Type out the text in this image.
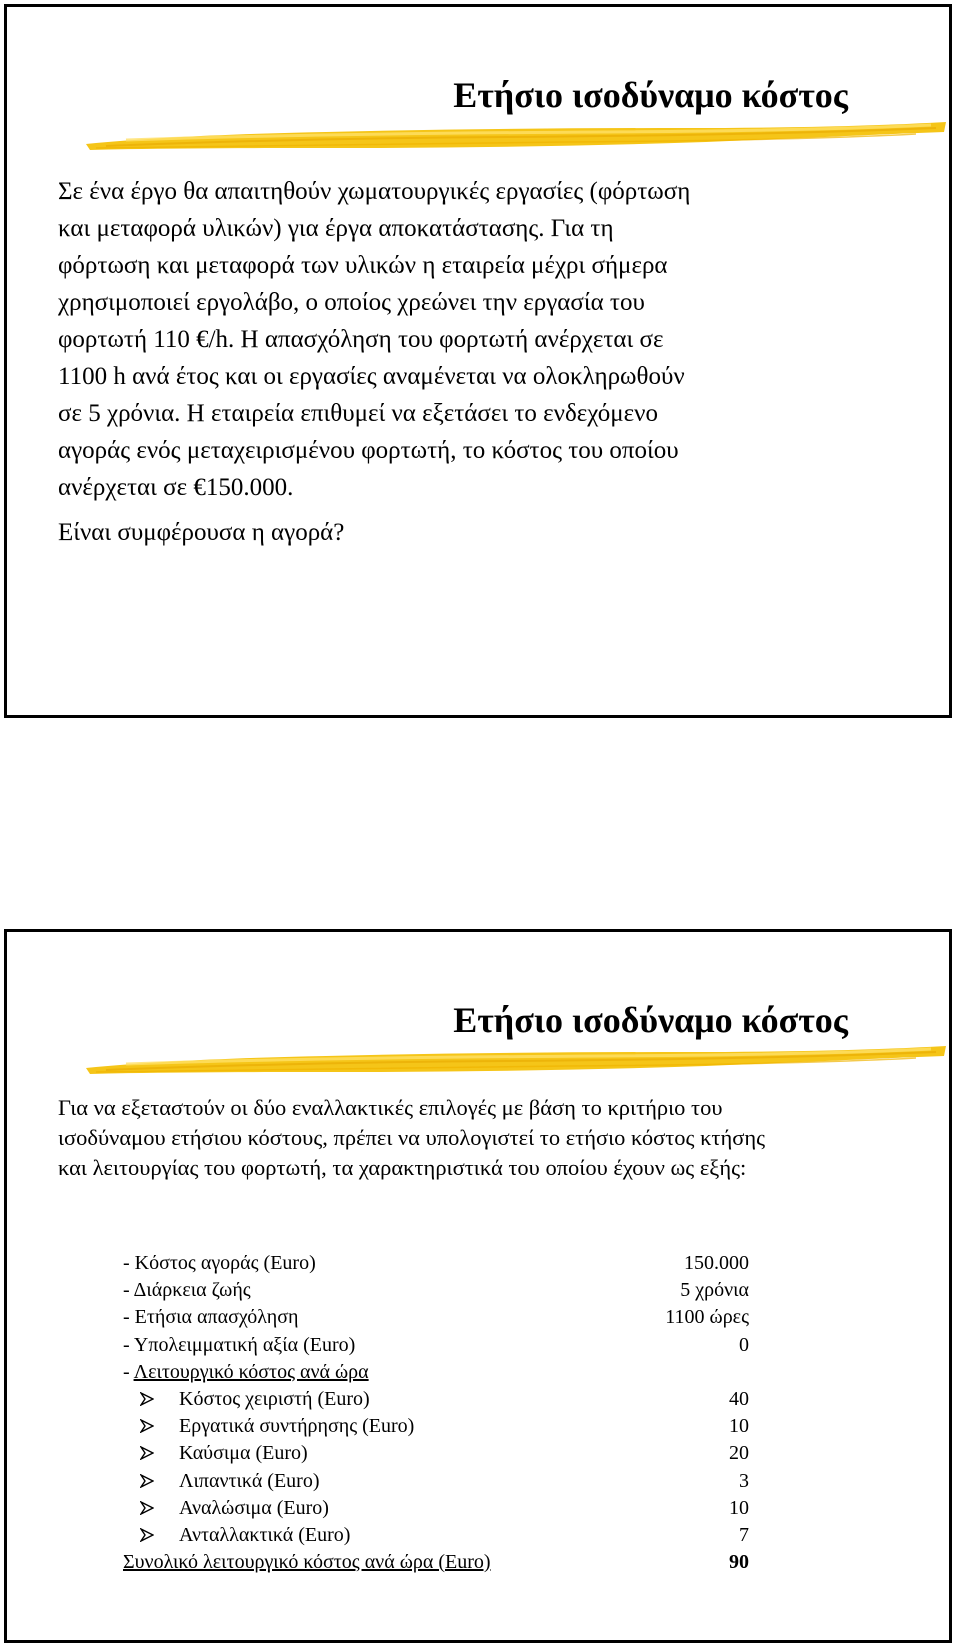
Ετήσιο ισοδύναμο κόστος
Σε ένα έργο θα απαιτηθούν χωματουργικές εργασίες (φόρτωση
και μεταφορά υλικών) για έργα αποκατάστασης. Για τη
φόρτωση και μεταφορά των υλικών η εταιρεία μέχρι σήμερα
χρησιμοποιεί εργολάβο, ο οποίος χρεώνει την εργασία του
φορτωτή 110 €/h. Η απασχόληση του φορτωτή ανέρχεται σε
1100 h ανά έτος και οι εργασίες αναμένεται να ολοκληρωθούν
σε 5 χρόνια. Η εταιρεία επιθυμεί να εξετάσει το ενδεχόμενο
αγοράς ενός μεταχειρισμένου φορτωτή, το κόστος του οποίου
ανέρχεται σε €150.000.
Είναι συμφέρουσα η αγορά?
Ετήσιο ισοδύναμο κόστος
Για να εξεταστούν οι δύο εναλλακτικές επιλογές με βάση το κριτήριο του
ισοδύναμου ετήσιου κόστους, πρέπει να υπολογιστεί το ετήσιο κόστος κτήσης
και λειτουργίας του φορτωτή, τα χαρακτηριστικά του οποίου έχουν ως εξής:
- Κόστος αγοράς (Euro)	150.000
- Διάρκεια ζωής	5 χρόνια
- Ετήσια απασχόληση	1100 ώρες
- Υπολειμματική αξία (Euro)	0
- Λειτουργικό κόστος ανά ώρα
Κόστος χειριστή (Euro)	40
Εργατικά συντήρησης (Euro)	10
Καύσιμα (Euro)	20
Λιπαντικά (Euro)	3
Αναλώσιμα (Euro)	10
Ανταλλακτικά (Euro)	7
Συνολικό λειτουργικό κόστος ανά ώρα (Euro)	90
